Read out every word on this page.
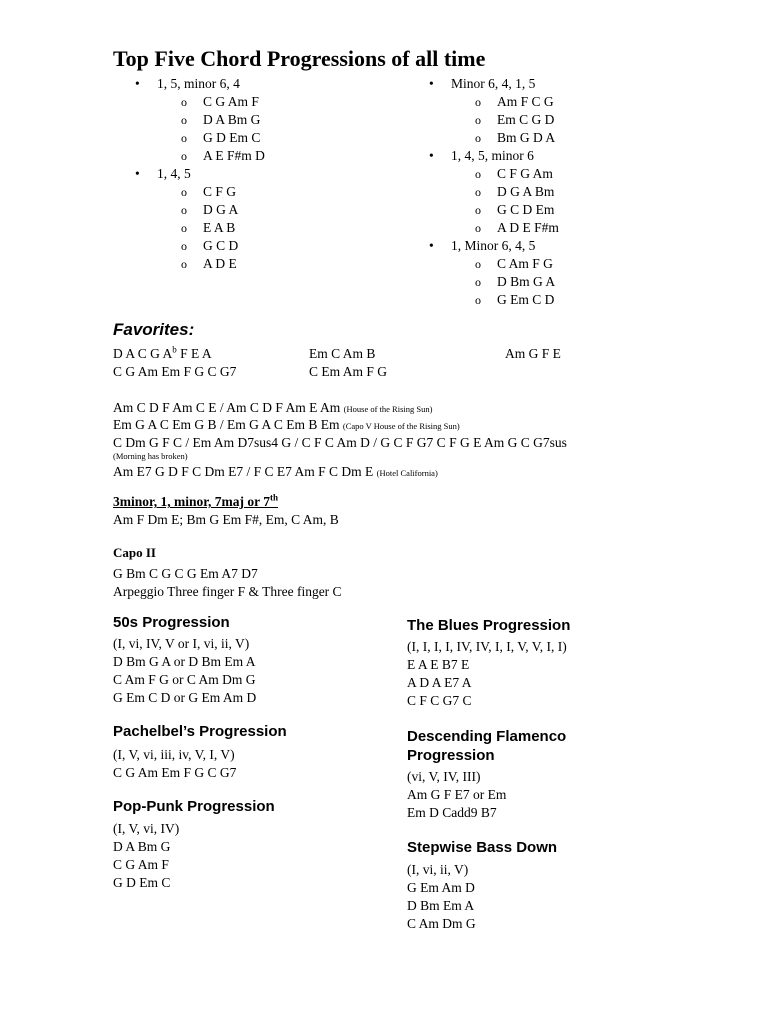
Top Five Chord Progressions of all time
• 1, 5, minor 6, 4
o C G Am F
o D A Bm G
o G D Em C
o A E F#m D
• 1, 4, 5
o C F G
o D G A
o E A B
o G C D
o A D E
• Minor 6, 4, 1, 5
o Am F C G
o Em C G D
o Bm G D A
• 1, 4, 5, minor 6
o C F G Am
o D G A Bm
o G C D Em
o A D E F#m
• 1, Minor 6, 4, 5
o C Am F G
o D Bm G A
o G Em C D
Favorites:
D A C G $A^b$ F E A	Em C Am B	Am G F E
C G Am Em F G C G7	C Em Am F G
Am C D F Am C E / Am C D F Am E Am (House of the Rising Sun)
Em G A C Em G B / Em G A C Em B Em (Capo V House of the Rising Sun)
C Dm G F C / Em Am D7sus4 G / C F C Am D / G C F G7 C F G E Am G C G7sus
(Morning has broken)
Am E7 G D F C Dm E7 / F C E7 Am F C Dm E (Hotel California)
3minor, 1, minor, 7maj or 7th
Am F Dm E; Bm G Em F#, Em, C Am, B
Capo II
G Bm C G C G Em A7 D7
Arpeggio Three finger F & Three finger C
50s Progression
(I, vi, IV, V or I, vi, ii, V)
D Bm G A or D Bm Em A
C Am F G or C Am Dm G
G Em C D or G Em Am D
Pachelbel’s Progression
(I, V, vi, iii, iv, V, I, V)
C G Am Em F G C G7
Pop-Punk Progression
(I, V, vi, IV)
D A Bm G
C G Am F
G D Em C
The Blues Progression
(I, I, I, I, IV, IV, I, I, V, V, I, I)
E A E B7 E
A D A E7 A
C F C G7 C
Descending Flamenco
Progression
(vi, V, IV, III)
Am G F E7 or Em
Em D Cadd9 B7
Stepwise Bass Down
(I, vi, ii, V)
G Em Am D
D Bm Em A
C Am Dm G
